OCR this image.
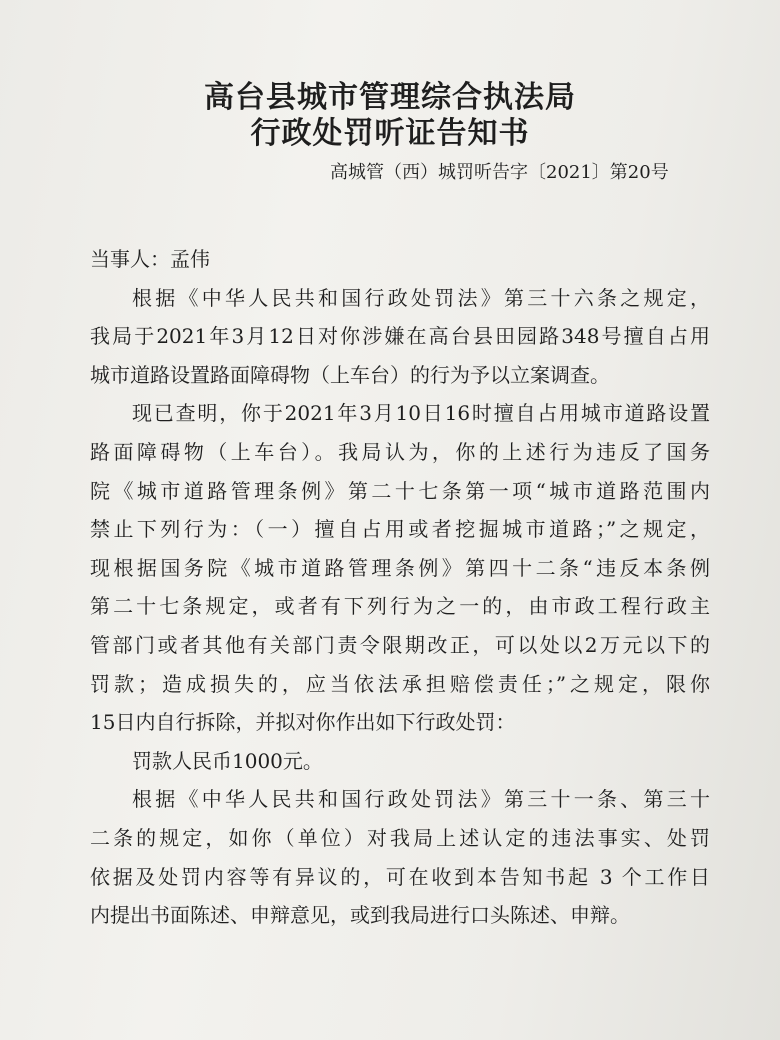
高台县城市管理综合执法局
行政处罚听证告知书
高城管（西）城罚听告字〔2021〕第20号
当事人：孟伟
根据《中华人民共和国行政处罚法》第三十六条之规定，
我局于2021年3月12日对你涉嫌在高台县田园路348号擅自占用
城市道路设置路面障碍物（上车台）的行为予以立案调查。
现已查明，你于2021年3月10日16时擅自占用城市道路设置
路面障碍物（上车台）。我局认为，你的上述行为违反了国务
院《城市道路管理条例》第二十七条第一项“城市道路范围内
禁止下列行为：（一）擅自占用或者挖掘城市道路；”之规定，
现根据国务院《城市道路管理条例》第四十二条“违反本条例
第二十七条规定，或者有下列行为之一的，由市政工程行政主
管部门或者其他有关部门责令限期改正，可以处以2万元以下的
罚款；造成损失的，应当依法承担赔偿责任；”之规定，限你
15日内自行拆除，并拟对你作出如下行政处罚：
罚款人民币1000元。
根据《中华人民共和国行政处罚法》第三十一条、第三十
二条的规定，如你（单位）对我局上述认定的违法事实、处罚
依据及处罚内容等有异议的，可在收到本告知书起 3 个工作日
内提出书面陈述、申辩意见，或到我局进行口头陈述、申辩。
